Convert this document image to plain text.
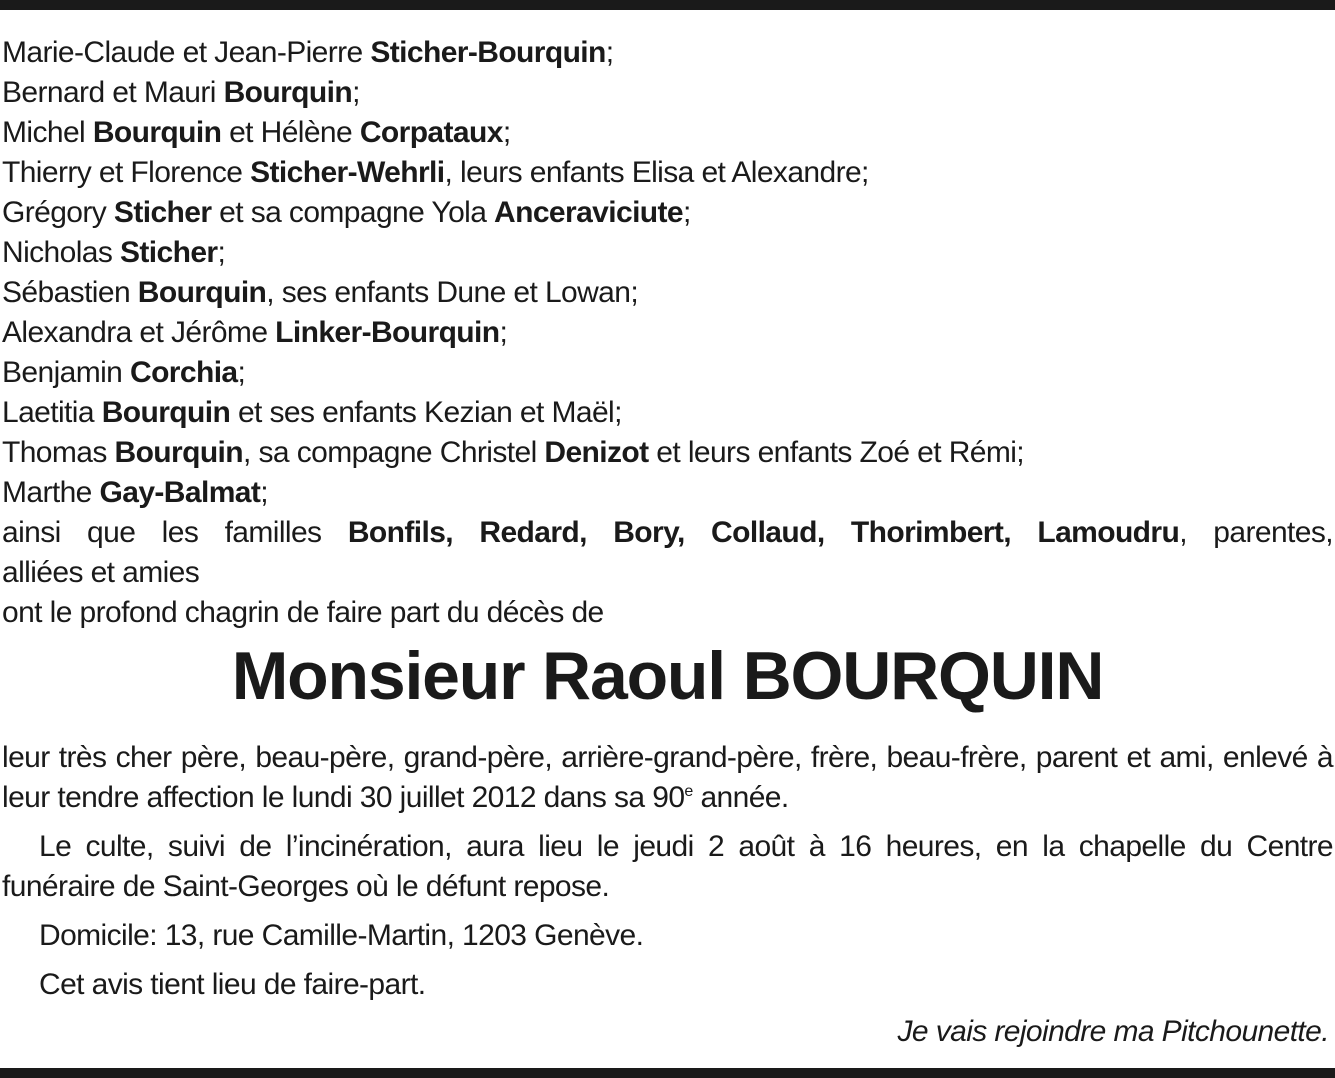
Marie-Claude et Jean-Pierre Sticher-Bourquin;
Bernard et Mauri Bourquin;
Michel Bourquin et Hélène Corpataux;
Thierry et Florence Sticher-Wehrli, leurs enfants Elisa et Alexandre;
Grégory Sticher et sa compagne Yola Anceraviciute;
Nicholas Sticher;
Sébastien Bourquin, ses enfants Dune et Lowan;
Alexandra et Jérôme Linker-Bourquin;
Benjamin Corchia;
Laetitia Bourquin et ses enfants Kezian et Maël;
Thomas Bourquin, sa compagne Christel Denizot et leurs enfants Zoé et Rémi;
Marthe Gay-Balmat;
ainsi que les familles Bonfils, Redard, Bory, Collaud, Thorimbert, Lamoudru, parentes,
alliées et amies
ont le profond chagrin de faire part du décès de
Monsieur Raoul BOURQUIN

leur très cher père, beau-père, grand-père, arrière-grand-père, frère, beau-frère, parent et ami, enlevé à leur tendre affection le lundi 30 juillet 2012 dans sa 90e année.

Le culte, suivi de l’incinération, aura lieu le jeudi 2 août à 16 heures, en la chapelle du Centre funéraire de Saint-Georges où le défunt repose.

Domicile: 13, rue Camille-Martin, 1203 Genève.

Cet avis tient lieu de faire-part.

Je vais rejoindre ma Pitchounette.
